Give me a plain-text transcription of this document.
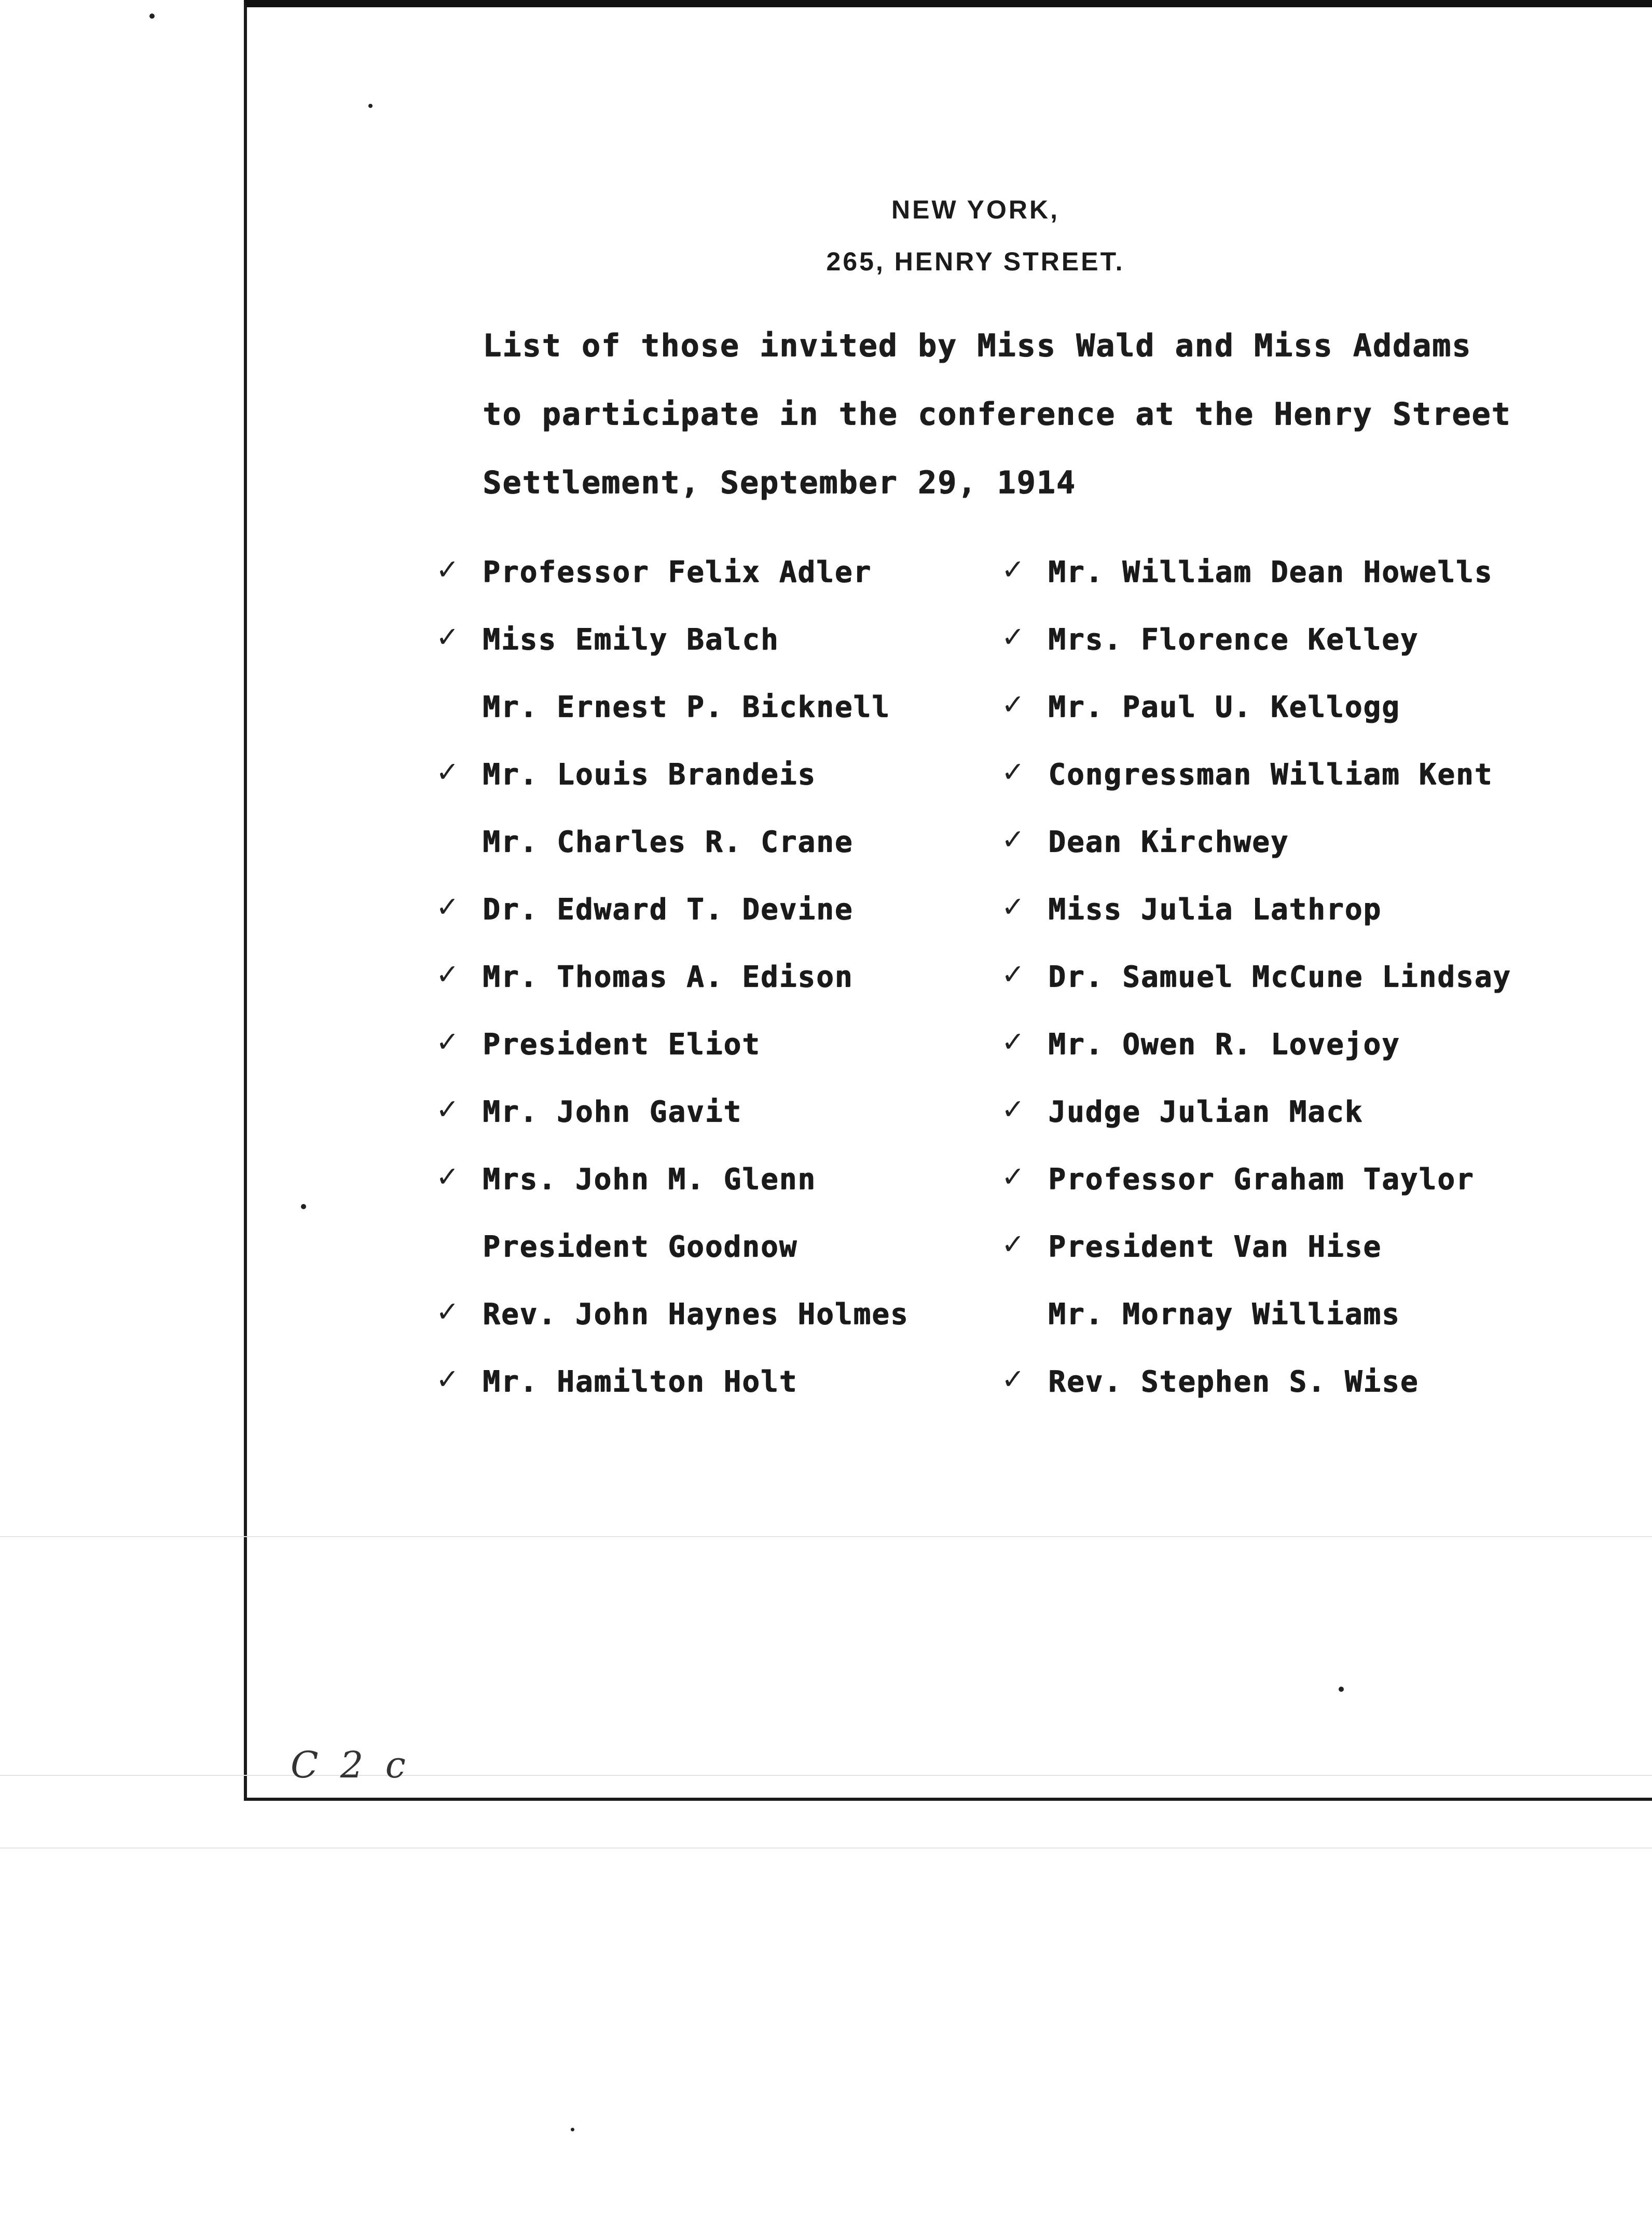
NEW YORK,
265, HENRY STREET.
List of those invited by Miss Wald and Miss Addams
to participate in the conference at the Henry Street
Settlement, September 29, 1914
✓ Professor Felix Adler
✓ Miss Emily Balch
Mr. Ernest P. Bicknell
✓ Mr. Louis Brandeis
Mr. Charles R. Crane
✓ Dr. Edward T. Devine
✓ Mr. Thomas A. Edison
✓ President Eliot
✓ Mr. John Gavit
✓ Mrs. John M. Glenn
President Goodnow
✓ Rev. John Haynes Holmes
✓ Mr. Hamilton Holt
✓ Mr. William Dean Howells
✓ Mrs. Florence Kelley
✓ Mr. Paul U. Kellogg
✓ Congressman William Kent
✓ Dean Kirchwey
✓ Miss Julia Lathrop
✓ Dr. Samuel McCune Lindsay
✓ Mr. Owen R. Lovejoy
✓ Judge Julian Mack
✓ Professor Graham Taylor
✓ President Van Hise
Mr. Mornay Williams
✓ Rev. Stephen S. Wise
C 2 c
